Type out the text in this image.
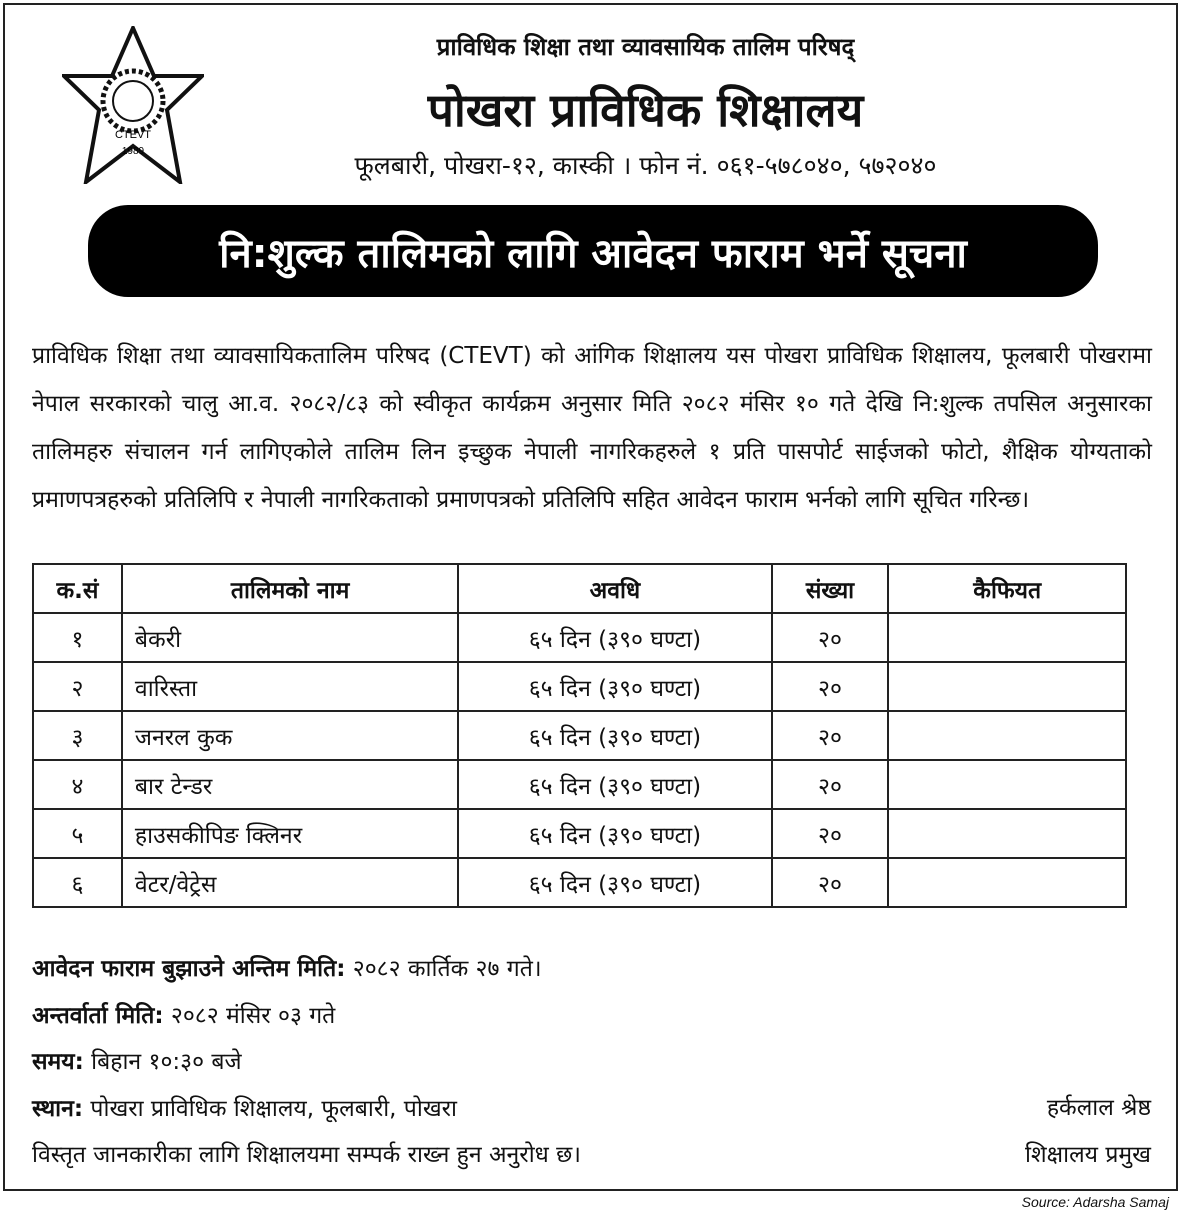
CTEVT
1989
प्राविधिक शिक्षा तथा व्यावसायिक तालिम परिषद्
पोखरा प्राविधिक शिक्षालय
फूलबारी, पोखरा-१२, कास्की । फोन नं. ०६१-५७८०४०, ५७२०४०
नि:शुल्क तालिमको लागि आवेदन फाराम भर्ने सूचना
प्राविधिक शिक्षा तथा व्यावसायिकतालिम परिषद (CTEVT) को आंगिक शिक्षालय यस पोखरा प्राविधिक शिक्षालय, फूलबारी पोखरामा नेपाल सरकारको चालु आ.व. २०८२/८३ को स्वीकृत कार्यक्रम अनुसार मिति २०८२ मंसिर १० गते देखि नि:शुल्क तपसिल अनुसारका तालिमहरु संचालन गर्न लागिएकोले तालिम लिन इच्छुक नेपाली नागरिकहरुले १ प्रति पासपोर्ट साईजको फोटो, शैक्षिक योग्यताको प्रमाणपत्रहरुको प्रतिलिपि र नेपाली नागरिकताको प्रमाणपत्रको प्रतिलिपि सहित आवेदन फाराम भर्नको लागि सूचित गरिन्छ।
क.सं	तालिमको नाम	अवधि	संख्या	कैफियत
१	बेकरी	६५ दिन (३९० घण्टा)	२०	
२	वारिस्ता	६५ दिन (३९० घण्टा)	२०	
३	जनरल कुक	६५ दिन (३९० घण्टा)	२०	
४	बार टेन्डर	६५ दिन (३९० घण्टा)	२०	
५	हाउसकीपिङ क्लिनर	६५ दिन (३९० घण्टा)	२०	
६	वेटर/वेट्रेस	६५ दिन (३९० घण्टा)	२०	
आवेदन फाराम बुझाउने अन्तिम मिति: २०८२ कार्तिक २७ गते।
अन्तर्वार्ता मिति: २०८२ मंसिर ०३ गते
समय: बिहान १०:३० बजे
स्थान: पोखरा प्राविधिक शिक्षालय, फूलबारी, पोखरा
विस्तृत जानकारीका लागि शिक्षालयमा सम्पर्क राख्न हुन अनुरोध छ।
हर्कलाल श्रेष्ठ
शिक्षालय प्रमुख
Source: Adarsha Samaj
